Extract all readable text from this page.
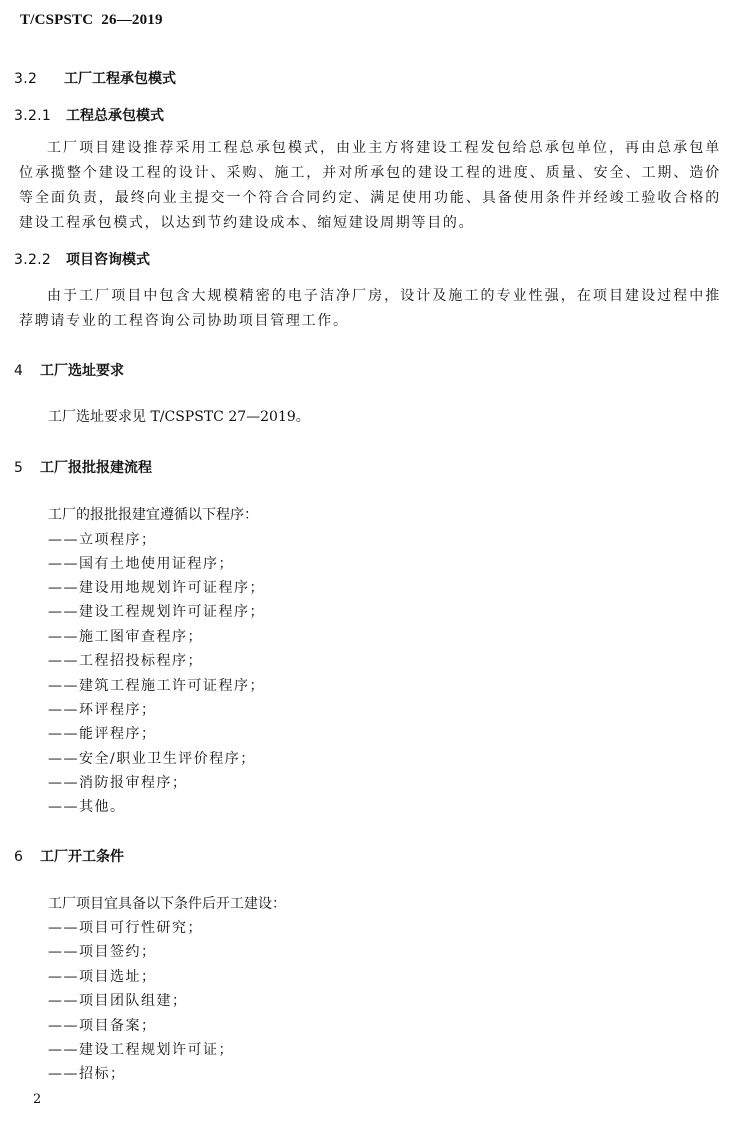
T/CSPSTC 26—2019
3.2 工厂工程承包模式
3.2.1 工程总承包模式

工厂项目建设推荐采用工程总承包模式，由业主方将建设工程发包给总承包单位，再由总承包单位承揽整个建设工程的设计、采购、施工，并对所承包的建设工程的进度、质量、安全、工期、造价等全面负责，最终向业主提交一个符合合同约定、满足使用功能、具备使用条件并经竣工验收合格的建设工程承包模式，以达到节约建设成本、缩短建设周期等目的。

3.2.2 项目咨询模式

由于工厂项目中包含大规模精密的电子洁净厂房，设计及施工的专业性强，在项目建设过程中推荐聘请专业的工程咨询公司协助项目管理工作。

4 工厂选址要求
工厂选址要求见 T/CSPSTC 27—2019。
5 工厂报批报建流程
工厂的报批报建宜遵循以下程序：
——立项程序；
——国有土地使用证程序；
——建设用地规划许可证程序；
——建设工程规划许可证程序；
——施工图审查程序；
——工程招投标程序；
——建筑工程施工许可证程序；
——环评程序；
——能评程序；
——安全/职业卫生评价程序；
——消防报审程序；
——其他。
6 工厂开工条件
工厂项目宜具备以下条件后开工建设：
——项目可行性研究；
——项目签约；
——项目选址；
——项目团队组建；
——项目备案；
——建设工程规划许可证；
——招标；
2
